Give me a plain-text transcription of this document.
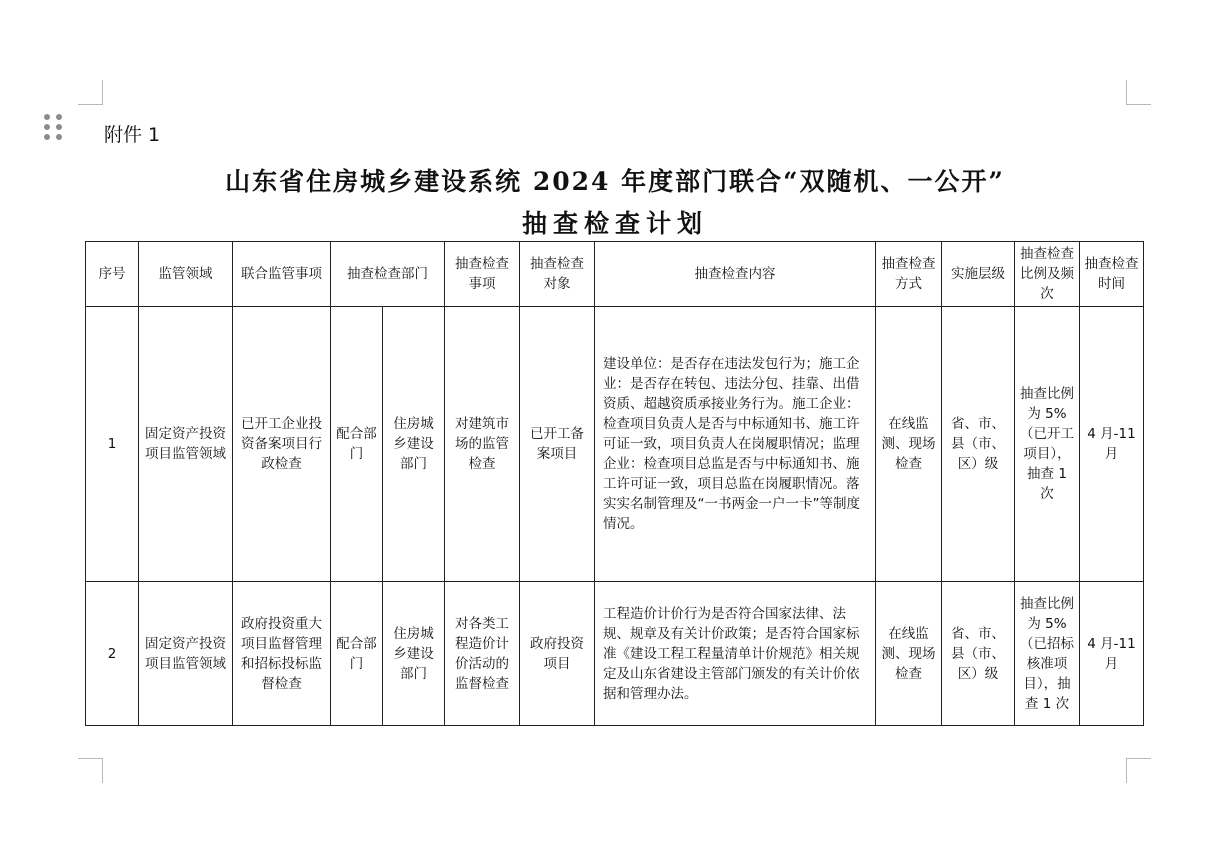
附件 1
山东省住房城乡建设系统 2024 年度部门联合“双随机、一公开”
抽查检查计划
序号	监管领域	联合监管事项	抽查检查部门		抽查检查事项	抽查检查对象	抽查检查内容	抽查检查方式	实施层级	抽查检查比例及频次	抽查检查时间
1	固定资产投资项目监管领域	已开工企业投资备案项目行政检查	配合部门	住房城乡建设部门	对建筑市场的监管检查	已开工备案项目	建设单位：是否存在违法发包行为；施工企业：是否存在转包、违法分包、挂靠、出借资质、超越资质承接业务行为。施工企业：检查项目负责人是否与中标通知书、施工许可证一致，项目负责人在岗履职情况；监理企业：检查项目总监是否与中标通知书、施工许可证一致，项目总监在岗履职情况。落实实名制管理及“一书两金一户一卡”等制度情况。	在线监测、现场检查	省、市、县（市、区）级	抽查比例为 5%（已开工项目），抽查 1 次	4 月-11 月
2	固定资产投资项目监管领域	政府投资重大项目监督管理和招标投标监督检查	配合部门	住房城乡建设部门	对各类工程造价计价活动的监督检查	政府投资项目	工程造价计价行为是否符合国家法律、法规、规章及有关计价政策；是否符合国家标准《建设工程工程量清单计价规范》相关规定及山东省建设主管部门颁发的有关计价依据和管理办法。	在线监测、现场检查	省、市、县（市、区）级	抽查比例为 5%（已招标核准项目），抽查 1 次	4 月-11 月
